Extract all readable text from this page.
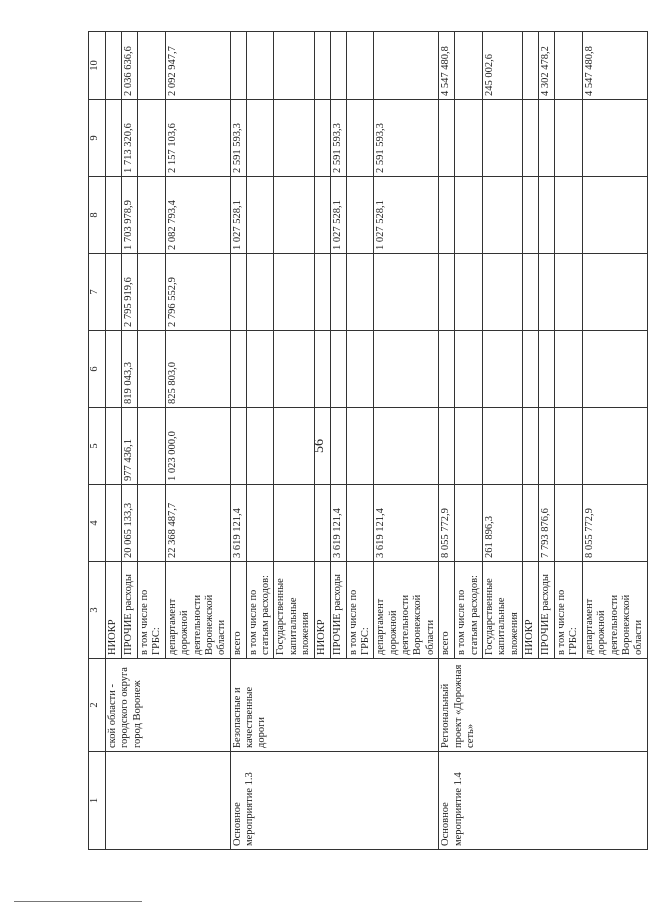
56
1	2	3	4	5	6	7	8	9	10
	ской области - городского округа город Воронеж	НИОКР							
		ПРОЧИЕ расходы	20 065 133,3	977 436,1	819 043,3	2 795 919,6	1 703 978,9	1 713 320,6	2 036 636,6
		в том числе по ГРБС:							
		департамент дорожной деятельности Воронежской области	22 368 487,7	1 023 000,0	825 803,0	2 796 552,9	2 082 793,4	2 157 103,6	2 092 947,7
Основное мероприятие 1.3	Безопасные и качественные дороги	всего	3 619 121,4				1 027 528,1	2 591 593,3	
		в том числе по статьям расходов:							
		Государственные капитальные вложения							
		НИОКР							
		ПРОЧИЕ расходы	3 619 121,4				1 027 528,1	2 591 593,3	
		в том числе по ГРБС:							
		департамент дорожной деятельности Воронежской области	3 619 121,4				1 027 528,1	2 591 593,3	
Основное мероприятие 1.4	Региональный проект «Дорожная сеть»	всего	8 055 772,9						4 547 480,8
		в том числе по статьям расходов:							
		Государственные капитальные вложения	261 896,3						245 002,6
		НИОКР							
		ПРОЧИЕ расходы	7 793 876,6						4 302 478,2
		в том числе по ГРБС:							
		департамент дорожной деятельности Воронежской области	8 055 772,9						4 547 480,8
